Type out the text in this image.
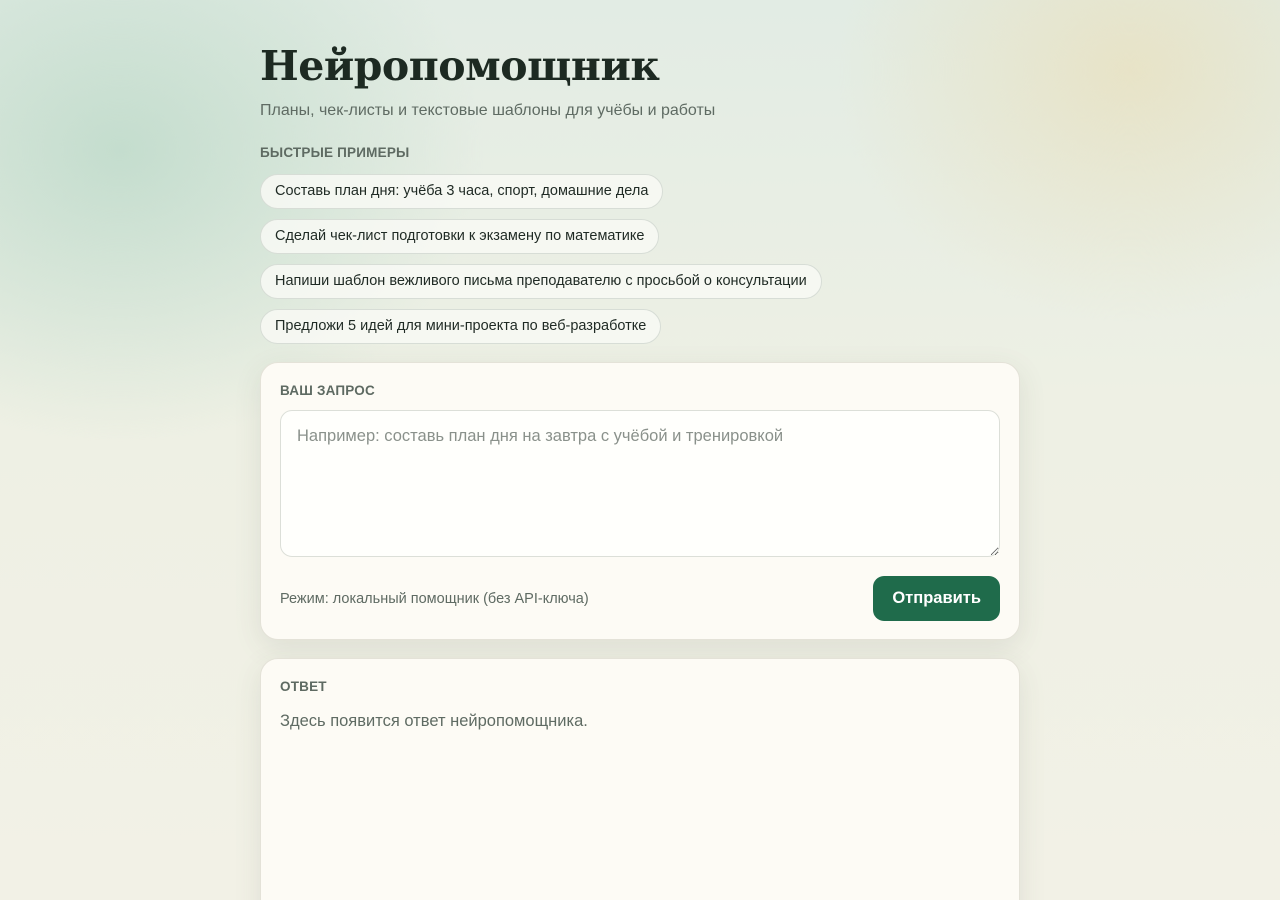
Нейропомощник

Планы, чек-листы и текстовые шаблоны для учёбы и работы

БЫСТРЫЕ ПРИМЕРЫ
Составь план дня: учёба 3 часа, спорт, домашние дела
Сделай чек-лист подготовки к экзамену по математике
Напиши шаблон вежливого письма преподавателю с просьбой о консультации
Предложи 5 идей для мини-проекта по веб-разработке
ВАШ ЗАПРОС
Например: составь план дня на завтра с учёбой и тренировкой
Режим: локальный помощник (без API-ключа)	Отправить
ОТВЕТ
Здесь появится ответ нейропомощника.
